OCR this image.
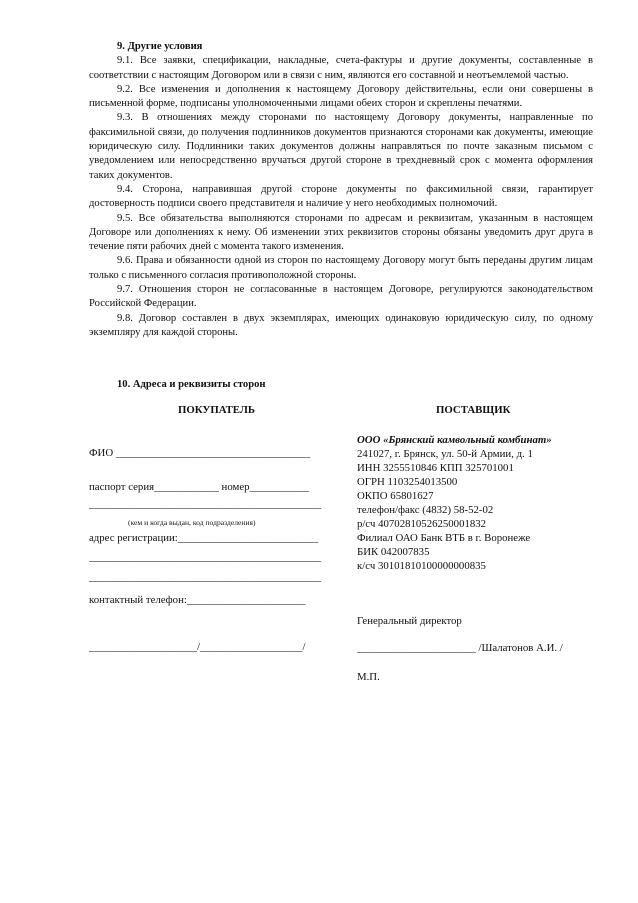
9. Другие условия

9.1. Все заявки, спецификации, накладные, счета-фактуры и другие документы, составленные в соответствии с настоящим Договором или в связи с ним, являются его составной и неотъемлемой частью.

9.2. Все изменения и дополнения к настоящему Договору действительны, если они совершены в письменной форме, подписаны уполномоченными лицами обеих сторон и скреплены печатями.

9.3. В отношениях между сторонами по настоящему Договору документы, направленные по факсимильной связи, до получения подлинников документов признаются сторонами как документы, имеющие юридическую силу. Подлинники таких документов должны направляться по почте заказным письмом с уведомлением или непосредственно вручаться другой стороне в трехдневный срок с момента оформления таких документов.

9.4. Сторона, направившая другой стороне документы по факсимильной связи, гарантирует достоверность подписи своего представителя и наличие у него необходимых полномочий.

9.5. Все обязательства выполняются сторонами по адресам и реквизитам, указанным в настоящем Договоре или дополнениях к нему. Об изменении этих реквизитов стороны обязаны уведомить друг друга в течение пяти рабочих дней с момента такого изменения.

9.6. Права и обязанности одной из сторон по настоящему Договору могут быть переданы другим лицам только с письменного согласия противоположной стороны.

9.7. Отношения сторон не согласованные в настоящем Договоре, регулируются законодательством Российской Федерации.

9.8. Договор составлен в двух экземплярах, имеющих одинаковую юридическую силу, по одному экземпляру для каждой стороны.

10. Адреса и реквизиты сторон
ПОКУПАТЕЛЬ	ПОСТАВЩИК
ФИО ____________________________________
паспорт серия____________ номер___________
___________________________________________
(кем и когда выдан, код подразделения)
адрес регистрации:__________________________
___________________________________________
___________________________________________
контактный телефон:______________________
____________________/___________________/
ООО «Брянский камвольный комбинат»
241027, г. Брянск, ул. 50-й Армии, д. 1
ИНН 3255510846 КПП 325701001
ОГРН 1103254013500
ОКПО 65801627
телефон/факс (4832) 58-52-02
р/сч 40702810526250001832
Филиал ОАО Банк ВТБ в г. Воронеже
БИК 042007835
к/сч 30101810100000000835
Генеральный директор
______________________ /Шалатонов А.И. /
М.П.
